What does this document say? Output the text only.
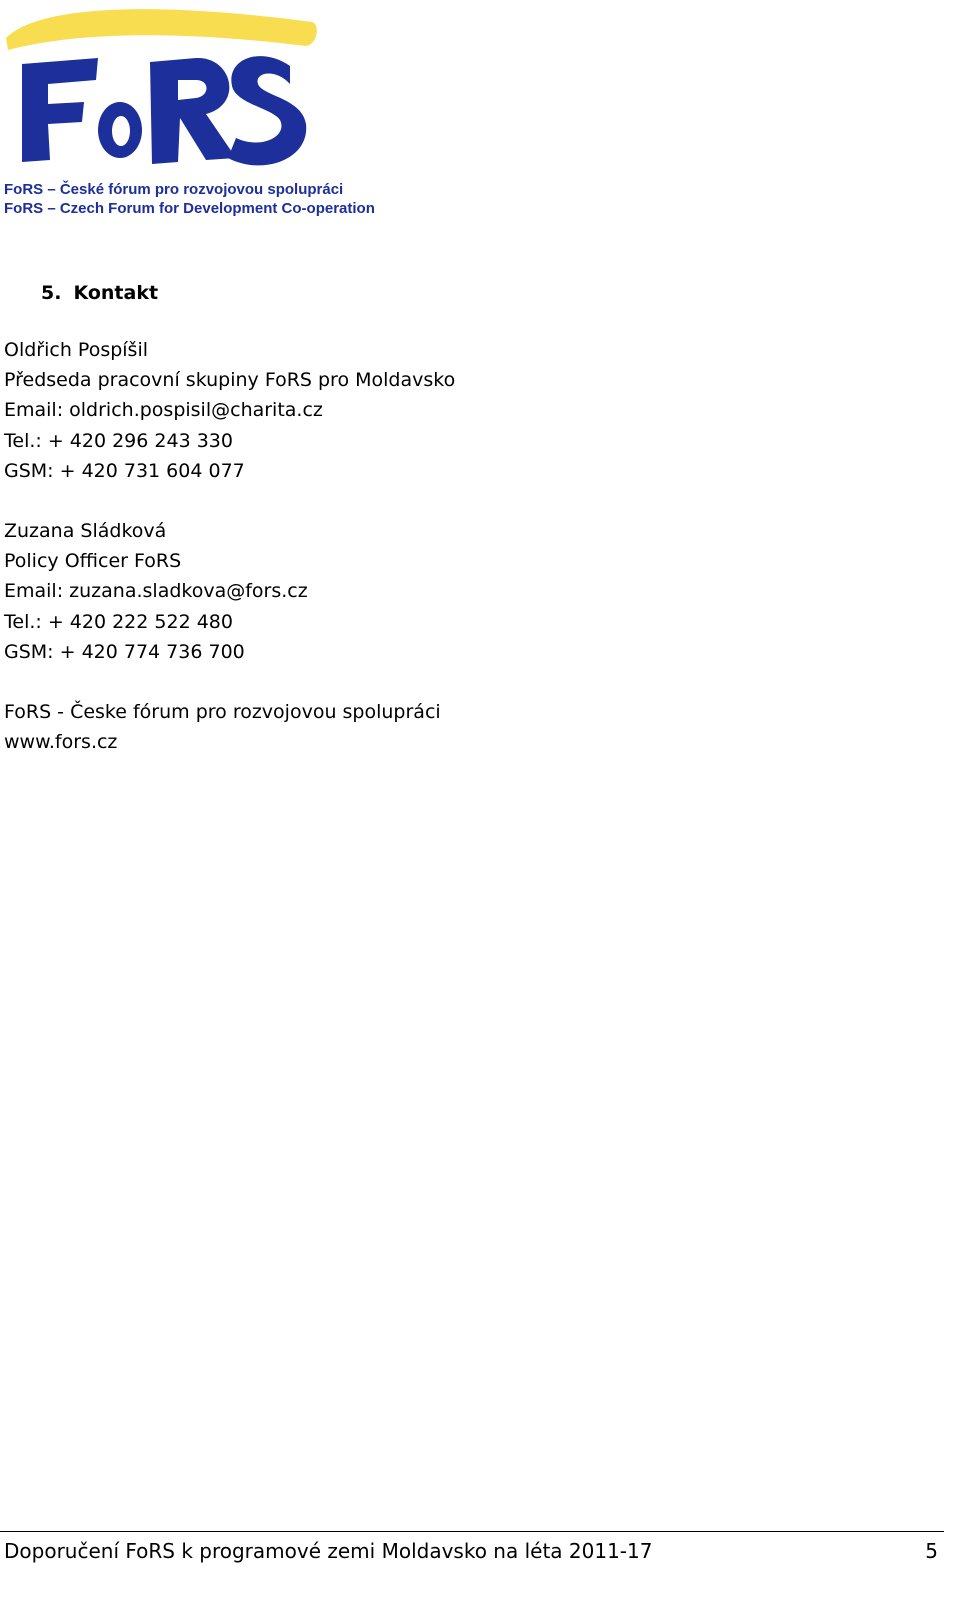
FoRS – České fórum pro rozvojovou spolupráci
FoRS – Czech Forum for Development Co-operation
5. Kontakt
Oldřich Pospíšil
Předseda pracovní skupiny FoRS pro Moldavsko
Email: oldrich.pospisil@charita.cz
Tel.: + 420 296 243 330
GSM: + 420 731 604 077
Zuzana Sládková
Policy Officer FoRS
Email: zuzana.sladkova@fors.cz
Tel.: + 420 222 522 480
GSM: + 420 774 736 700
FoRS - Česke fórum pro rozvojovou spolupráci
www.fors.cz
Doporučení FoRS k programové zemi Moldavsko na léta 2011-17	5
